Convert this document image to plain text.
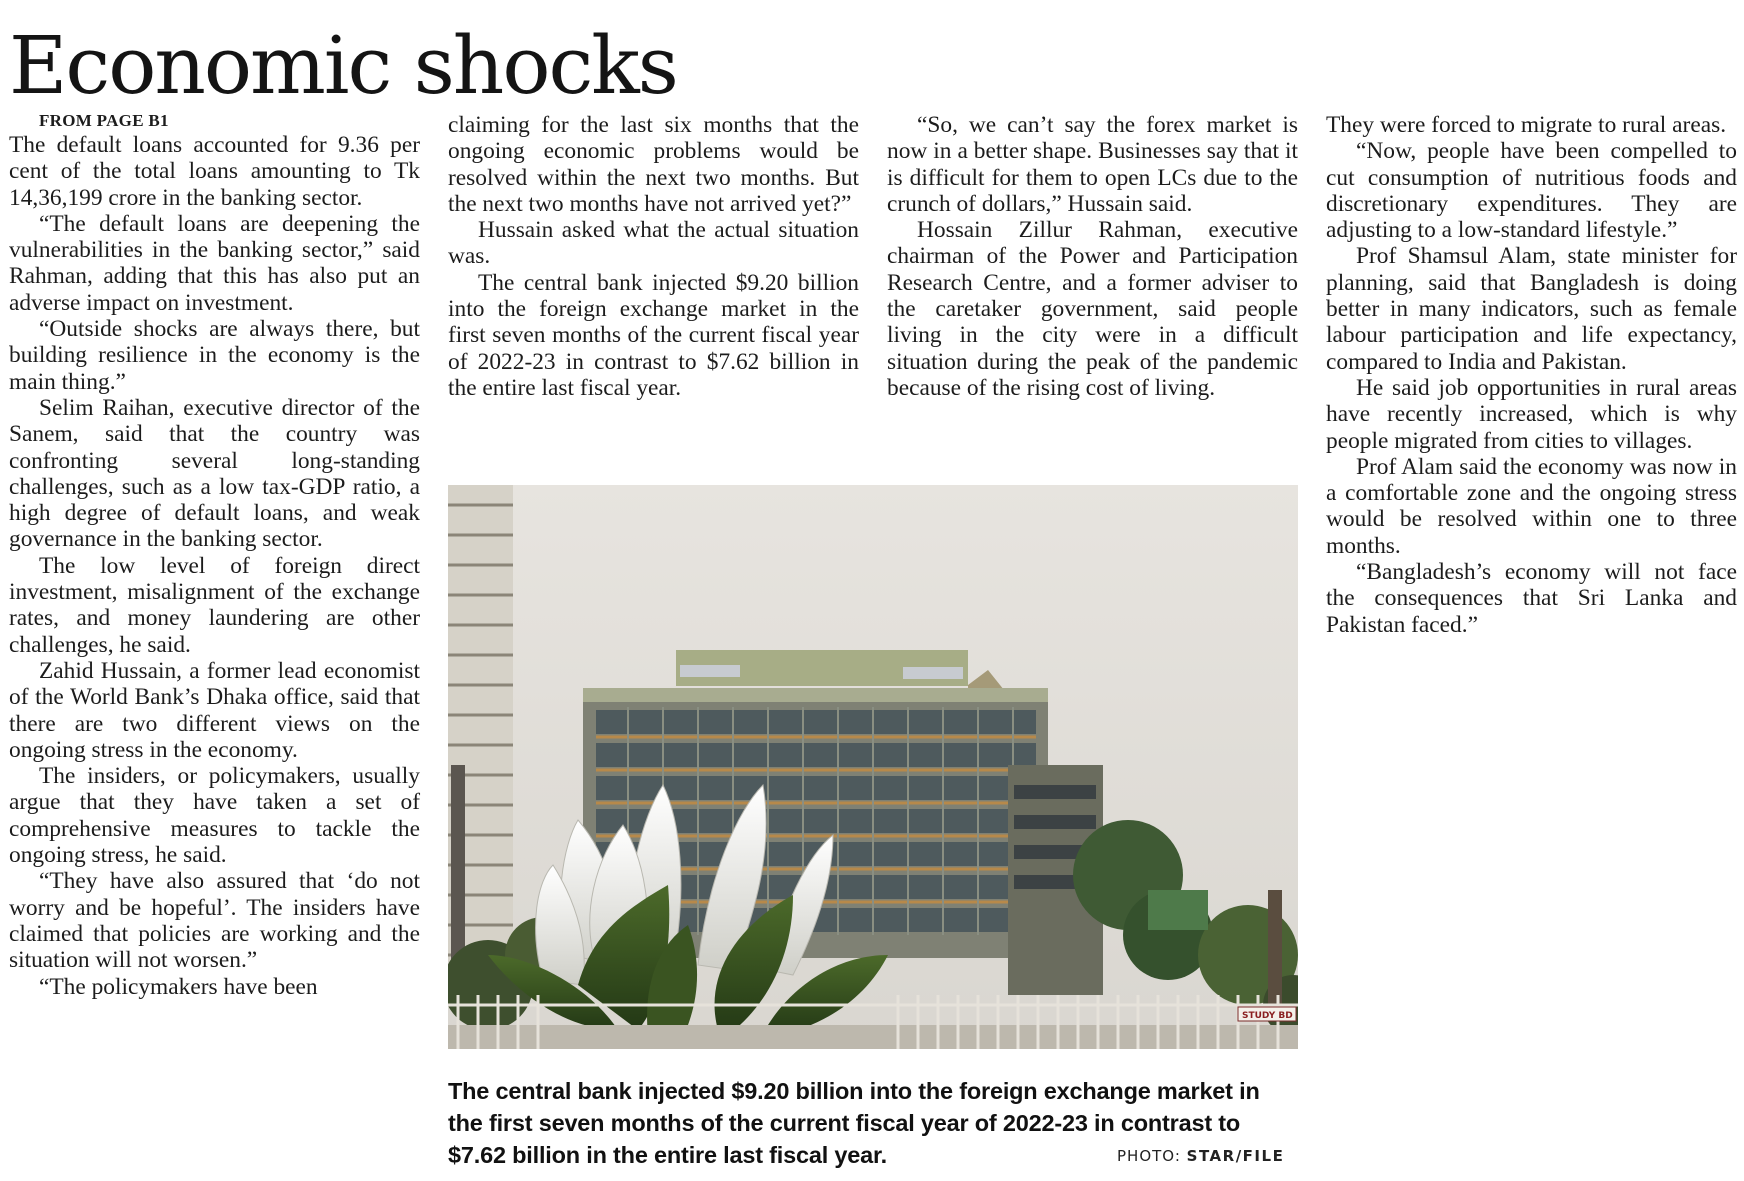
Economic shocks

FROM PAGE B1

The default loans accounted for 9.36 per cent of the total loans amounting to Tk 14,36,199 crore in the banking sector.

“The default loans are deepening the vulnerabilities in the banking sector,” said Rahman, adding that this has also put an adverse impact on investment.

“Outside shocks are always there, but building resilience in the economy is the main thing.”

Selim Raihan, executive director of the Sanem, said that the country was confronting several long-standing challenges, such as a low tax-GDP ratio, a high degree of default loans, and weak governance in the banking sector.

The low level of foreign direct investment, misalignment of the exchange rates, and money laundering are other challenges, he said.

Zahid Hussain, a former lead economist of the World Bank’s Dhaka office, said that there are two different views on the ongoing stress in the economy.

The insiders, or policymakers, usually argue that they have taken a set of comprehensive measures to tackle the ongoing stress, he said.

“They have also assured that ‘do not worry and be hopeful’. The insiders have claimed that policies are working and the situation will not worsen.”

“The policymakers have been

claiming for the last six months that the ongoing economic problems would be resolved within the next two months. But the next two months have not arrived yet?”

Hussain asked what the actual situation was.

The central bank injected $9.20 billion into the foreign exchange market in the first seven months of the current fiscal year of 2022-23 in contrast to $7.62 billion in the entire last fiscal year.

“So, we can’t say the forex market is now in a better shape. Businesses say that it is difficult for them to open LCs due to the crunch of dollars,” Hussain said.

Hossain Zillur Rahman, executive chairman of the Power and Participation Research Centre, and a former adviser to the caretaker government, said people living in the city were in a difficult situation during the peak of the pandemic because of the rising cost of living.

They were forced to migrate to rural areas.

“Now, people have been compelled to cut consumption of nutritious foods and discretionary expenditures. They are adjusting to a low-standard lifestyle.”

Prof Shamsul Alam, state minister for planning, said that Bangladesh is doing better in many indicators, such as female labour participation and life expectancy, compared to India and Pakistan.

He said job opportunities in rural areas have recently increased, which is why people migrated from cities to villages.

Prof Alam said the economy was now in a comfortable zone and the ongoing stress would be resolved within one to three months.

“Bangladesh’s economy will not face the consequences that Sri Lanka and Pakistan faced.”

STUDY BD

The central bank injected $9.20 billion into the foreign exchange market in the first seven months of the current fiscal year of 2022-23 in contrast to $7.62 billion in the entire last fiscal year.	PHOTO: STAR/FILE
